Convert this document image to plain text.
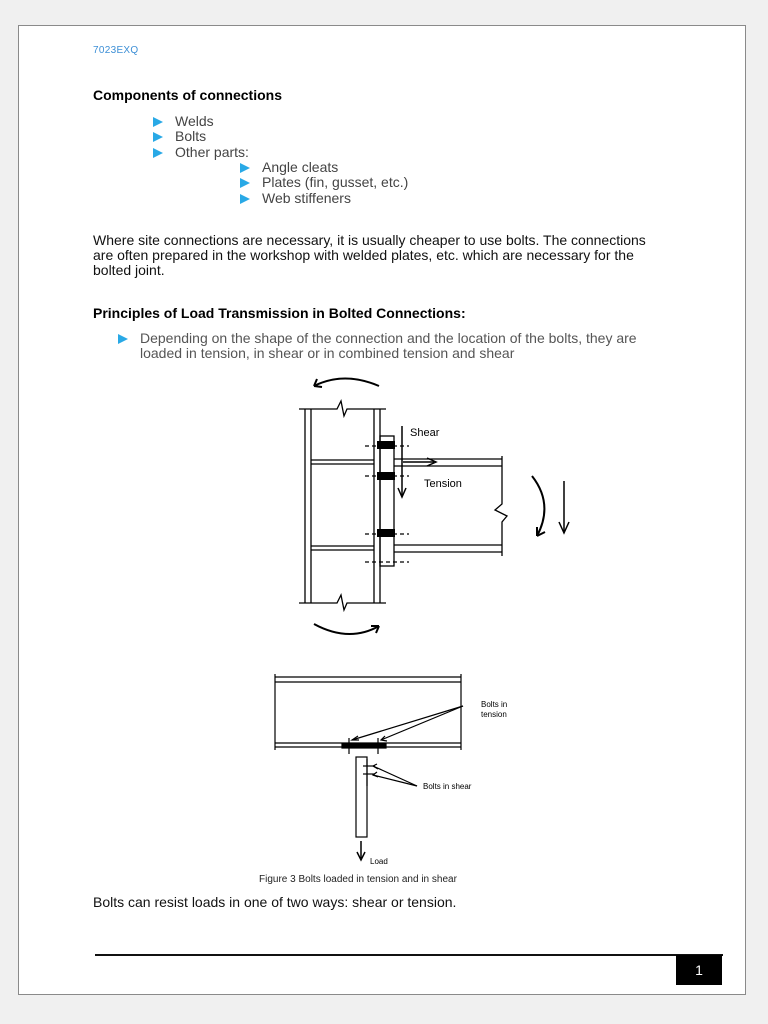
7023EXQ
Components of connections
Welds
Bolts
Other parts:
Angle cleats
Plates (fin, gusset, etc.)
Web stiffeners
Where site connections are necessary, it is usually cheaper to use bolts. The connections
are often prepared in the workshop with welded plates, etc. which are necessary for the
bolted joint.
Principles of Load Transmission in Bolted Connections:
Depending on the shape of the connection and the location of the bolts, they are
loaded in tension, in shear or in combined tension and shear
Shear
Tension
Bolts in
tension
Bolts in shear
Load
Figure 3 Bolts loaded in tension and in shear
Bolts can resist loads in one of two ways: shear or tension.
1
